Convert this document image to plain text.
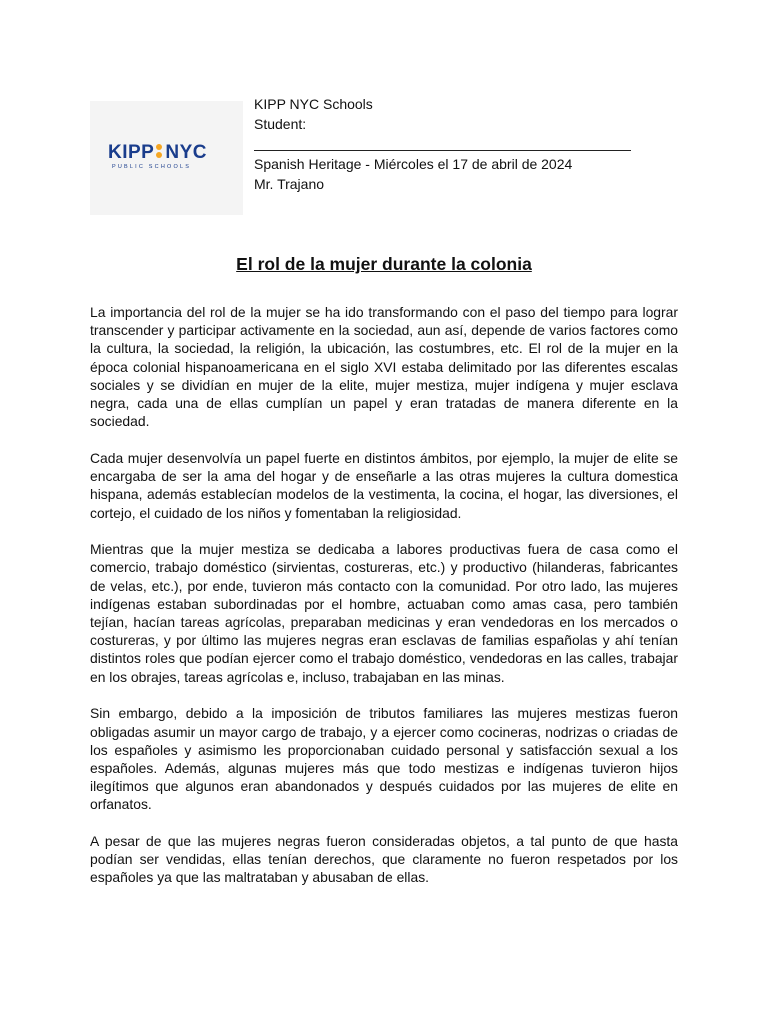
KIPP NYC
PUBLIC SCHOOLS
KIPP NYC Schools
Student:
Spanish Heritage - Miércoles el 17 de abril de 2024
Mr. Trajano
El rol de la mujer durante la colonia

La importancia del rol de la mujer se ha ido transformando con el paso del tiempo para lograr transcender y participar activamente en la sociedad, aun así, depende de varios factores como la cultura, la sociedad, la religión, la ubicación, las costumbres, etc. El rol de la mujer en la época colonial hispanoamericana en el siglo XVI estaba delimitado por las diferentes escalas sociales y se dividían en mujer de la elite, mujer mestiza, mujer indígena y mujer esclava negra, cada una de ellas cumplían un papel y eran tratadas de manera diferente en la sociedad.

Cada mujer desenvolvía un papel fuerte en distintos ámbitos, por ejemplo, la mujer de elite se encargaba de ser la ama del hogar y de enseñarle a las otras mujeres la cultura domestica hispana, además establecían modelos de la vestimenta, la cocina, el hogar, las diversiones, el cortejo, el cuidado de los niños y fomentaban la religiosidad.

Mientras que la mujer mestiza se dedicaba a labores productivas fuera de casa como el comercio, trabajo doméstico (sirvientas, costureras, etc.) y productivo (hilanderas, fabricantes de velas, etc.), por ende, tuvieron más contacto con la comunidad. Por otro lado, las mujeres indígenas estaban subordinadas por el hombre, actuaban como amas casa, pero también tejían, hacían tareas agrícolas, preparaban medicinas y eran vendedoras en los mercados o costureras, y por último las mujeres negras eran esclavas de familias españolas y ahí tenían distintos roles que podían ejercer como el trabajo doméstico, vendedoras en las calles, trabajar en los obrajes, tareas agrícolas e, incluso, trabajaban en las minas.

Sin embargo, debido a la imposición de tributos familiares las mujeres mestizas fueron obligadas asumir un mayor cargo de trabajo, y a ejercer como cocineras, nodrizas o criadas de los españoles y asimismo les proporcionaban cuidado personal y satisfacción sexual a los españoles. Además, algunas mujeres más que todo mestizas e indígenas tuvieron hijos ilegítimos que algunos eran abandonados y después cuidados por las mujeres de elite en orfanatos.

A pesar de que las mujeres negras fueron consideradas objetos, a tal punto de que hasta podían ser vendidas, ellas tenían derechos, que claramente no fueron respetados por los españoles ya que las maltrataban y abusaban de ellas.
